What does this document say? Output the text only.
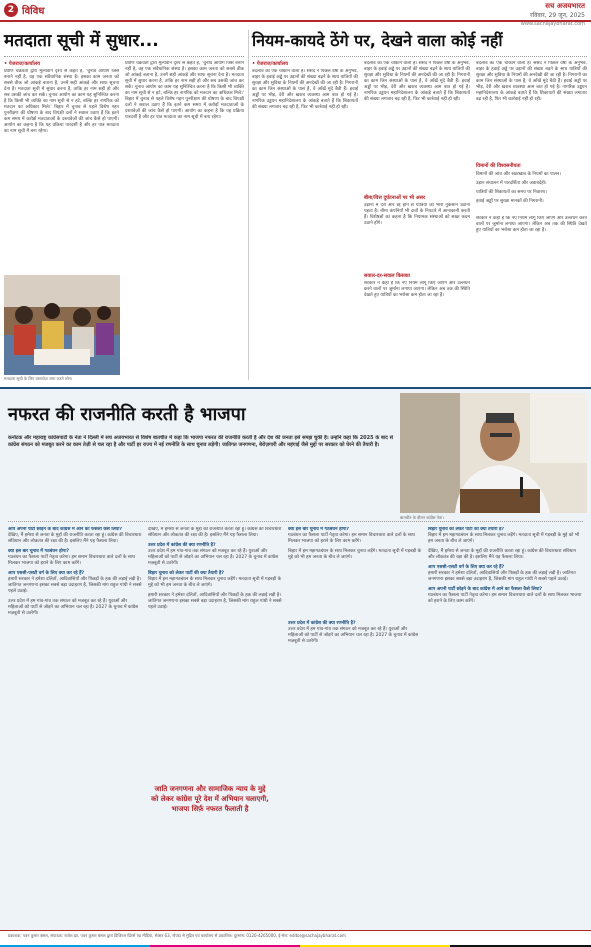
2 विविध	सच अजयभारत
रविवार, 29 जून, 2025
www.sachajaybharat.com
मतदाता सूची में सुधार...
• पेजराज/कार्यालय
प्रवीण चक्रवर्ती द्वारा मूल्यवान दृश्य से कहते हैं, 'चुनाव आयोग जिसे बनाने नहीं है, वह एक संवैधानिक संस्था है। इसका काम जनता को सबसे ठीक जो आंकड़े बताना है, उनमें सही आंकड़े और साफ़ सूचना देना है। मतदाता सूची में सुधार करना है, ताकि हर नाम सही हो और सब उसकी जांच कर सकें। चुनाव आयोग का काम यह सुनिश्चित करना है कि किसी भी व्यक्ति का नाम सूची से न हटे, बल्कि हर नागरिक को मतदान का अधिकार मिले।' बिहार में चुनाव से पहले विशेष गहन पुनरीक्षण की घोषणा के बाद विपक्षी दलों ने सवाल उठाए हैं कि इतने कम समय में करोड़ों मतदाताओं के दस्तावेज़ों की जांच कैसे हो पाएगी। आयोग का कहना है कि यह प्रक्रिया पारदर्शी है और हर पात्र मतदाता का नाम सूची में बना रहेगा।
प्रवीण चक्रवर्ती द्वारा मूल्यवान दृश्य से कहते हैं, 'चुनाव आयोग जिसे बनाने नहीं है, वह एक संवैधानिक संस्था है। इसका काम जनता को सबसे ठीक जो आंकड़े बताना है, उनमें सही आंकड़े और साफ़ सूचना देना है। मतदाता सूची में सुधार करना है, ताकि हर नाम सही हो और सब उसकी जांच कर सकें। चुनाव आयोग का काम यह सुनिश्चित करना है कि किसी भी व्यक्ति का नाम सूची से न हटे, बल्कि हर नागरिक को मतदान का अधिकार मिले।' बिहार में चुनाव से पहले विशेष गहन पुनरीक्षण की घोषणा के बाद विपक्षी दलों ने सवाल उठाए हैं कि इतने कम समय में करोड़ों मतदाताओं के दस्तावेज़ों की जांच कैसे हो पाएगी। आयोग का कहना है कि यह प्रक्रिया पारदर्शी है और हर पात्र मतदाता का नाम सूची में बना रहेगा।
मतदाता सूची के लिए दस्तावेज़ जमा करते लोग।
नियम-कायदे ठेंगे पर, देखने वाला कोई नहीं
• पेजराज/कार्यालय
बदलाव का एक चौंकाने वाला है। संसद ने पिछले वर्षों के अनुभव, बाहर के हवाई अड्डे पर उड़ानों की संख्या बढ़ने के साथ यात्रियों की सुरक्षा और सुविधा के नियमों की अनदेखी की जा रही है। निगरानी का काम जिन संस्थाओं के पास है, वे आँखें मूंदे बैठी हैं। हवाई अड्डों पर भीड़, देरी और खराब व्यवस्था आम बात हो गई है। नागरिक उड्डयन महानिदेशालय के आंकड़े बताते हैं कि शिकायतों की संख्या लगातार बढ़ रही है, फिर भी कार्रवाई नहीं हो रही।
बदलाव का एक चौंकाने वाला है। संसद ने पिछले वर्षों के अनुभव, बाहर के हवाई अड्डे पर उड़ानों की संख्या बढ़ने के साथ यात्रियों की सुरक्षा और सुविधा के नियमों की अनदेखी की जा रही है। निगरानी का काम जिन संस्थाओं के पास है, वे आँखें मूंदे बैठी हैं। हवाई अड्डों पर भीड़, देरी और खराब व्यवस्था आम बात हो गई है। नागरिक उड्डयन महानिदेशालय के आंकड़े बताते हैं कि शिकायतों की संख्या लगातार बढ़ रही है, फिर भी कार्रवाई नहीं हो रही।
बीमा/वित्त दुर्घटनाओं पर भी असर
उड़ानों में देरी और रद्द होने से यात्रियों को भारी नुकसान उठाना पड़ता है। बीमा कंपनियाँ भी दावों के निपटारे में आनाकानी करती हैं। विशेषज्ञों का कहना है कि नियामक संस्थाओं को सख्त कदम उठाने होंगे।
सवाल-दर-सवाल किसका
सरकार ने कहा है कि नए नियम लागू किए जाएंगे और उल्लंघन करने वालों पर जुर्माना लगाया जाएगा। लेकिन अब तक की स्थिति देखते हुए यात्रियों का भरोसा कम होता जा रहा है।
बदलाव का एक चौंकाने वाला है। संसद ने पिछले वर्षों के अनुभव, बाहर के हवाई अड्डे पर उड़ानों की संख्या बढ़ने के साथ यात्रियों की सुरक्षा और सुविधा के नियमों की अनदेखी की जा रही है। निगरानी का काम जिन संस्थाओं के पास है, वे आँखें मूंदे बैठी हैं। हवाई अड्डों पर भीड़, देरी और खराब व्यवस्था आम बात हो गई है। नागरिक उड्डयन महानिदेशालय के आंकड़े बताते हैं कि शिकायतों की संख्या लगातार बढ़ रही है, फिर भी कार्रवाई नहीं हो रही।
विमानों की विश्वसनीयता
विमानों की जांच और रखरखाव के नियमों का पालन।
उड़ान संचालन में पारदर्शिता और जवाबदेही।
यात्रियों की शिकायतों का समय पर निवारण।
हवाई अड्डों पर सुरक्षा मानकों की निगरानी।
सरकार ने कहा है कि नए नियम लागू किए जाएंगे और उल्लंघन करने वालों पर जुर्माना लगाया जाएगा। लेकिन अब तक की स्थिति देखते हुए यात्रियों का भरोसा कम होता जा रहा है।
नफरत की राजनीति करती है भाजपा
कर्नाटक और महाराष्ट्र कांग्रेसपार्टी के नेता ने दिल्ली में सच अजयभारत से विशेष बातचीत में कहा कि भाजपा नफरत की राजनीति करती है और देश की जनता इसे समझ चुकी है। उन्होंने कहा कि 2025 के बाद से कांग्रेस संगठन को मजबूत करने का काम तेज़ी से चल रहा है और पार्टी हर राज्य में नई रणनीति के साथ चुनाव लड़ेगी। जातिगत जनगणना, बेरोज़गारी और महंगाई जैसे मुद्दों पर सरकार को घेरने की तैयारी है।
बातचीत के दौरान कांग्रेस नेता।

आप अपनी पार्टी छोड़ने के बाद कांग्रेस में आने का फैसला कैसे लिया?

देखिए, मैं हमेशा से जनता के मुद्दों की राजनीति करता रहा हूं। कांग्रेस की विचारधारा संविधान और लोकतंत्र की रक्षा की है। इसलिए मैंने यह फैसला लिया।

क्या इस बार चुनाव में गठबंधन होगा?

गठबंधन का फैसला पार्टी नेतृत्व करेगा। हम समान विचारधारा वाले दलों के साथ मिलकर भाजपा को हराने के लिए काम करेंगे।

आप एससी-एसटी वर्ग के लिए क्या कर रहे हैं?

हमारी सरकार ने हमेशा दलितों, आदिवासियों और पिछड़ों के हक की लड़ाई लड़ी है। जातिगत जनगणना इसका सबसे बड़ा उदाहरण है, जिसकी मांग राहुल गांधी ने सबसे पहले उठाई।

उत्तर प्रदेश में हम गांव-गांव तक संगठन को मजबूत कर रहे हैं। युवाओं और महिलाओं को पार्टी से जोड़ने का अभियान चल रहा है। 2027 के चुनाव में कांग्रेस मज़बूती से उतरेगी।

देखिए, मैं हमेशा से जनता के मुद्दों की राजनीति करता रहा हूं। कांग्रेस की विचारधारा संविधान और लोकतंत्र की रक्षा की है। इसलिए मैंने यह फैसला लिया।

उत्तर प्रदेश में कांग्रेस की क्या रणनीति है?

उत्तर प्रदेश में हम गांव-गांव तक संगठन को मजबूत कर रहे हैं। युवाओं और महिलाओं को पार्टी से जोड़ने का अभियान चल रहा है। 2027 के चुनाव में कांग्रेस मज़बूती से उतरेगी।

बिहार चुनाव को लेकर पार्टी की क्या तैयारी है?

बिहार में हम महागठबंधन के साथ मिलकर चुनाव लड़ेंगे। मतदाता सूची में गड़बड़ी के मुद्दे को भी हम जनता के बीच ले जाएंगे।

हमारी सरकार ने हमेशा दलितों, आदिवासियों और पिछड़ों के हक की लड़ाई लड़ी है। जातिगत जनगणना इसका सबसे बड़ा उदाहरण है, जिसकी मांग राहुल गांधी ने सबसे पहले उठाई।

क्या इस बार चुनाव में गठबंधन होगा?

गठबंधन का फैसला पार्टी नेतृत्व करेगा। हम समान विचारधारा वाले दलों के साथ मिलकर भाजपा को हराने के लिए काम करेंगे।

बिहार में हम महागठबंधन के साथ मिलकर चुनाव लड़ेंगे। मतदाता सूची में गड़बड़ी के मुद्दे को भी हम जनता के बीच ले जाएंगे।

उत्तर प्रदेश में कांग्रेस की क्या रणनीति है?

उत्तर प्रदेश में हम गांव-गांव तक संगठन को मजबूत कर रहे हैं। युवाओं और महिलाओं को पार्टी से जोड़ने का अभियान चल रहा है। 2027 के चुनाव में कांग्रेस मज़बूती से उतरेगी।

जाति जनगणना और सामाजिक न्याय के मुद्दे को लेकर कांग्रेस पूरे देश में अभियान चलाएगी, भाजपा सिर्फ़ नफरत फैलाती है

बिहार चुनाव को लेकर पार्टी की क्या तैयारी है?

बिहार में हम महागठबंधन के साथ मिलकर चुनाव लड़ेंगे। मतदाता सूची में गड़बड़ी के मुद्दे को भी हम जनता के बीच ले जाएंगे।

देखिए, मैं हमेशा से जनता के मुद्दों की राजनीति करता रहा हूं। कांग्रेस की विचारधारा संविधान और लोकतंत्र की रक्षा की है। इसलिए मैंने यह फैसला लिया।

आप एससी-एसटी वर्ग के लिए क्या कर रहे हैं?

हमारी सरकार ने हमेशा दलितों, आदिवासियों और पिछड़ों के हक की लड़ाई लड़ी है। जातिगत जनगणना इसका सबसे बड़ा उदाहरण है, जिसकी मांग राहुल गांधी ने सबसे पहले उठाई।

आप अपनी पार्टी छोड़ने के बाद कांग्रेस में आने का फैसला कैसे लिया?

गठबंधन का फैसला पार्टी नेतृत्व करेगा। हम समान विचारधारा वाले दलों के साथ मिलकर भाजपा को हराने के लिए काम करेंगे।

प्रकाशक: पवन कुमार बंसल, संपादक: राजेश झा, पवन कुमार बंसल द्वारा डिजिटल प्रिंटर्स एंड मीडिया, सेक्टर 63, नोएडा से मुद्रित एवं कार्यालय से प्रकाशित। दूरभाष: 0120-4265000, ई-मेल: editor@sachajaybharat.com
